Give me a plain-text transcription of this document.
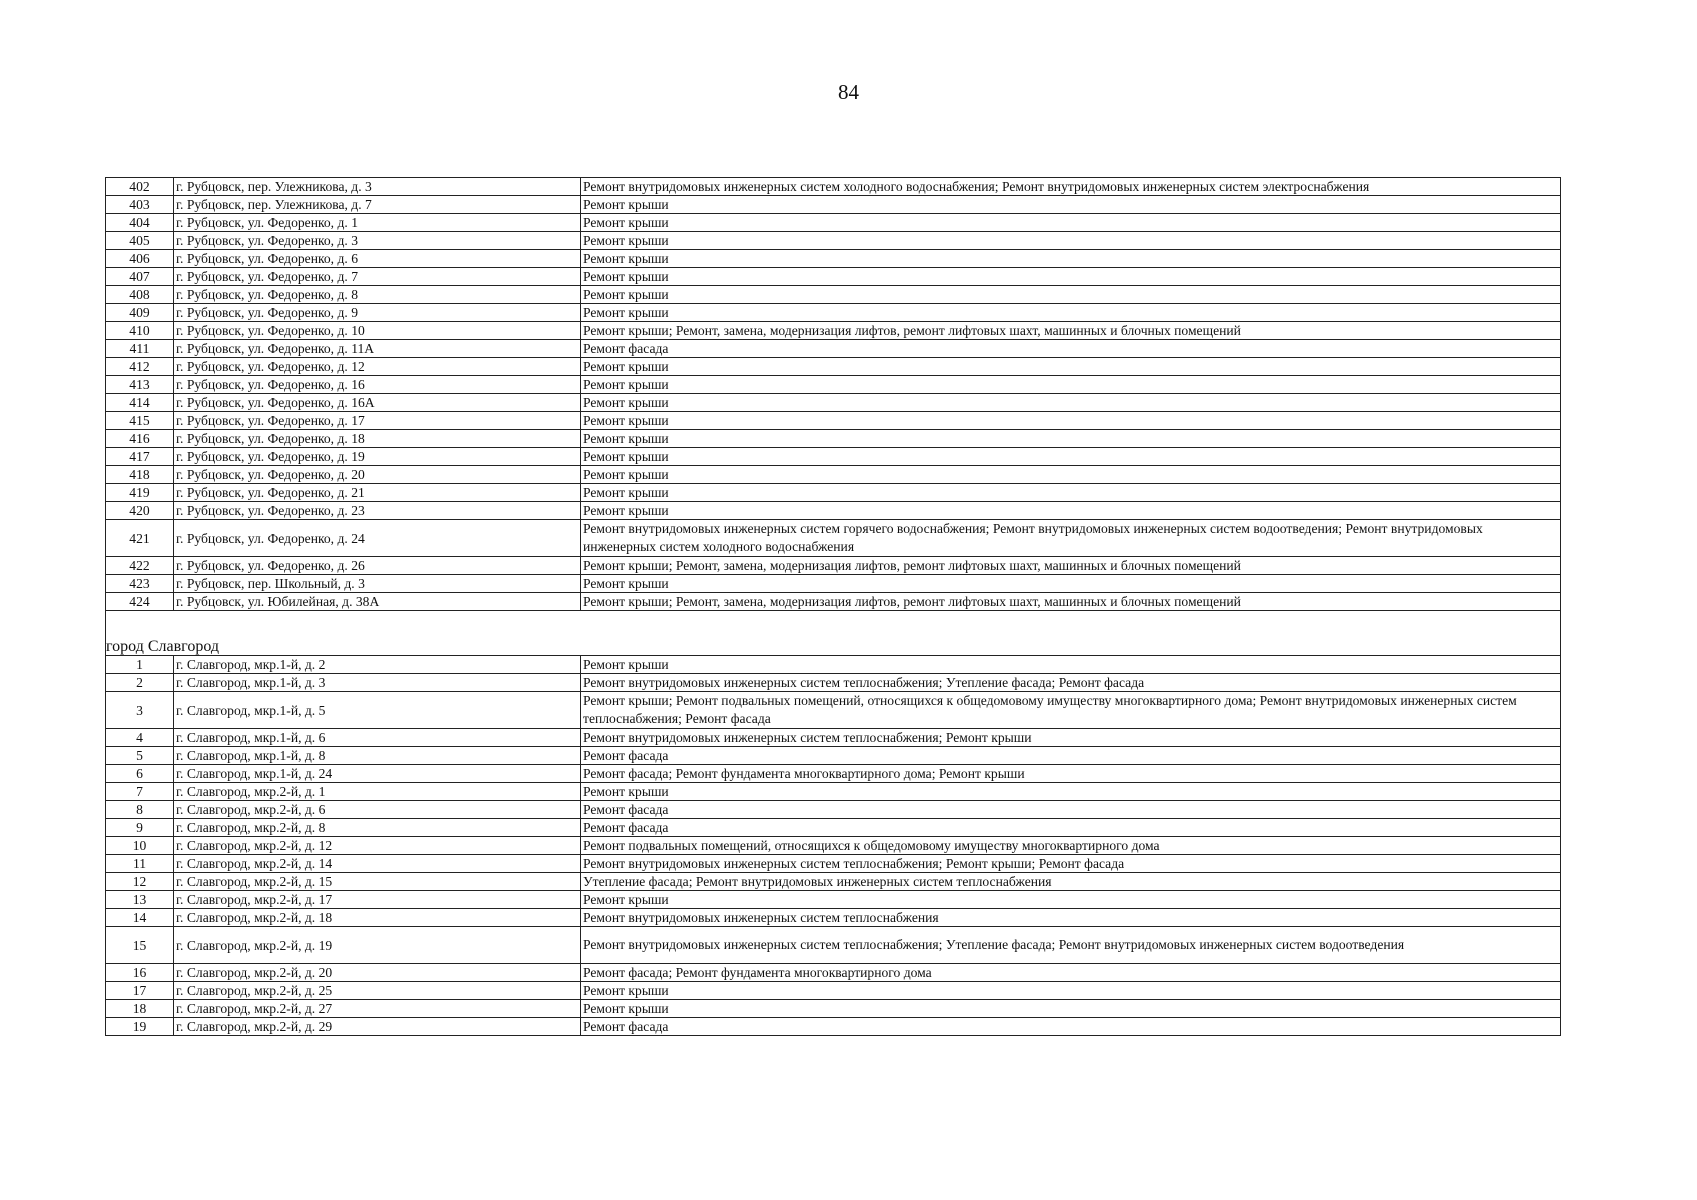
84
402	г. Рубцовск, пер. Улежникова, д. 3	Ремонт внутридомовых инженерных систем холодного водоснабжения; Ремонт внутридомовых инженерных систем электроснабжения
403	г. Рубцовск, пер. Улежникова, д. 7	Ремонт крыши
404	г. Рубцовск, ул. Федоренко, д. 1	Ремонт крыши
405	г. Рубцовск, ул. Федоренко, д. 3	Ремонт крыши
406	г. Рубцовск, ул. Федоренко, д. 6	Ремонт крыши
407	г. Рубцовск, ул. Федоренко, д. 7	Ремонт крыши
408	г. Рубцовск, ул. Федоренко, д. 8	Ремонт крыши
409	г. Рубцовск, ул. Федоренко, д. 9	Ремонт крыши
410	г. Рубцовск, ул. Федоренко, д. 10	Ремонт крыши; Ремонт, замена, модернизация лифтов, ремонт лифтовых шахт, машинных и блочных помещений
411	г. Рубцовск, ул. Федоренко, д. 11А	Ремонт фасада
412	г. Рубцовск, ул. Федоренко, д. 12	Ремонт крыши
413	г. Рубцовск, ул. Федоренко, д. 16	Ремонт крыши
414	г. Рубцовск, ул. Федоренко, д. 16А	Ремонт крыши
415	г. Рубцовск, ул. Федоренко, д. 17	Ремонт крыши
416	г. Рубцовск, ул. Федоренко, д. 18	Ремонт крыши
417	г. Рубцовск, ул. Федоренко, д. 19	Ремонт крыши
418	г. Рубцовск, ул. Федоренко, д. 20	Ремонт крыши
419	г. Рубцовск, ул. Федоренко, д. 21	Ремонт крыши
420	г. Рубцовск, ул. Федоренко, д. 23	Ремонт крыши
421	г. Рубцовск, ул. Федоренко, д. 24	Ремонт внутридомовых инженерных систем горячего водоснабжения; Ремонт внутридомовых инженерных систем водоотведения; Ремонт внутридомовых инженерных систем холодного водоснабжения
422	г. Рубцовск, ул. Федоренко, д. 26	Ремонт крыши; Ремонт, замена, модернизация лифтов, ремонт лифтовых шахт, машинных и блочных помещений
423	г. Рубцовск, пер. Школьный, д. 3	Ремонт крыши
424	г. Рубцовск, ул. Юбилейная, д. 38А	Ремонт крыши; Ремонт, замена, модернизация лифтов, ремонт лифтовых шахт, машинных и блочных помещений
город Славгород		
1	г. Славгород, мкр.1-й, д. 2	Ремонт крыши
2	г. Славгород, мкр.1-й, д. 3	Ремонт внутридомовых инженерных систем теплоснабжения; Утепление фасада; Ремонт фасада
3	г. Славгород, мкр.1-й, д. 5	Ремонт крыши; Ремонт подвальных помещений, относящихся к общедомовому имуществу многоквартирного дома; Ремонт внутридомовых инженерных систем теплоснабжения; Ремонт фасада
4	г. Славгород, мкр.1-й, д. 6	Ремонт внутридомовых инженерных систем теплоснабжения; Ремонт крыши
5	г. Славгород, мкр.1-й, д. 8	Ремонт фасада
6	г. Славгород, мкр.1-й, д. 24	Ремонт фасада; Ремонт фундамента многоквартирного дома; Ремонт крыши
7	г. Славгород, мкр.2-й, д. 1	Ремонт крыши
8	г. Славгород, мкр.2-й, д. 6	Ремонт фасада
9	г. Славгород, мкр.2-й, д. 8	Ремонт фасада
10	г. Славгород, мкр.2-й, д. 12	Ремонт подвальных помещений, относящихся к общедомовому имуществу многоквартирного дома
11	г. Славгород, мкр.2-й, д. 14	Ремонт внутридомовых инженерных систем теплоснабжения; Ремонт крыши; Ремонт фасада
12	г. Славгород, мкр.2-й, д. 15	Утепление фасада; Ремонт внутридомовых инженерных систем теплоснабжения
13	г. Славгород, мкр.2-й, д. 17	Ремонт крыши
14	г. Славгород, мкр.2-й, д. 18	Ремонт внутридомовых инженерных систем теплоснабжения
15	г. Славгород, мкр.2-й, д. 19	Ремонт внутридомовых инженерных систем теплоснабжения; Утепление фасада; Ремонт внутридомовых инженерных систем водоотведения
16	г. Славгород, мкр.2-й, д. 20	Ремонт фасада; Ремонт фундамента многоквартирного дома
17	г. Славгород, мкр.2-й, д. 25	Ремонт крыши
18	г. Славгород, мкр.2-й, д. 27	Ремонт крыши
19	г. Славгород, мкр.2-й, д. 29	Ремонт фасада
